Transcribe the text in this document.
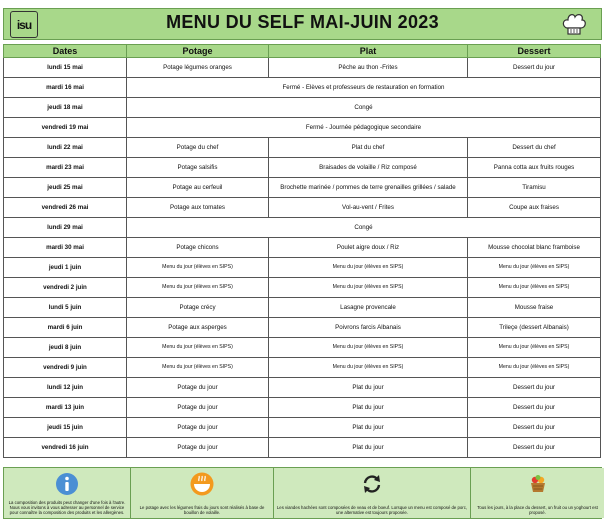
isu	MENU DU SELF MAI-JUIN 2023
Dates	Potage	Plat	Dessert
lundi 15 mai	Potage légumes oranges	Pêche au thon -Frites	Dessert du jour
mardi 16 mai	Fermé - Elèves et professeurs de restauration en formation		
jeudi 18 mai	Congé		
vendredi 19 mai	Fermé - Journée pédagogique secondaire		
lundi 22 mai	Potage du chef	Plat du chef	Dessert du chef
mardi 23 mai	Potage salsifis	Braisades de volaille / Riz composé	Panna cotta aux fruits rouges
jeudi 25 mai	Potage au cerfeuil	Brochette marinée / pommes de terre grenailles grillées / salade	Tiramisu
vendredi 26 mai	Potage aux tomates	Vol-au-vent / Frites	Coupe aux fraises
lundi 29 mai	Congé		
mardi 30 mai	Potage chicons	Poulet aigre doux / Riz	Mousse chocolat blanc framboise
jeudi 1 juin	Menu du jour (élèves en SIPS)	Menu du jour (élèves en SIPS)	Menu du jour (élèves en SIPS)
vendredi 2 juin	Menu du jour (élèves en SIPS)	Menu du jour (élèves en SIPS)	Menu du jour (élèves en SIPS)
lundi 5 juin	Potage crécy	Lasagne provencale	Mousse fraise
mardi 6 juin	Potage aux asperges	Poivrons farcis Albanais	Trileçe (dessert Albanais)
jeudi 8 juin	Menu du jour (élèves en SIPS)	Menu du jour (élèves en SIPS)	Menu du jour (élèves en SIPS)
vendredi 9 juin	Menu du jour (élèves en SIPS)	Menu du jour (élèves en SIPS)	Menu du jour (élèves en SIPS)
lundi 12 juin	Potage du jour	Plat du jour	Dessert du jour
mardi 13 juin	Potage du jour	Plat du jour	Dessert du jour
jeudi 15 juin	Potage du jour	Plat du jour	Dessert du jour
vendredi 16 juin	Potage du jour	Plat du jour	Dessert du jour
La composition des produits peut changer d'une fois à l'autre. Nous vous invitons à vous adresser au personnel de service pour connaître la composition des produits et les allergènes.
Le potage avec les légumes frais du jours sont réalisés à base de bouillon de volaille.
Les viandes hachées sont composées de veau et de boeuf. Lorsque un menu est composé de porc, une alternative est toujours proposée.
Tous les jours, à la place du dessert, un fruit ou un yoghourt est proposé.
